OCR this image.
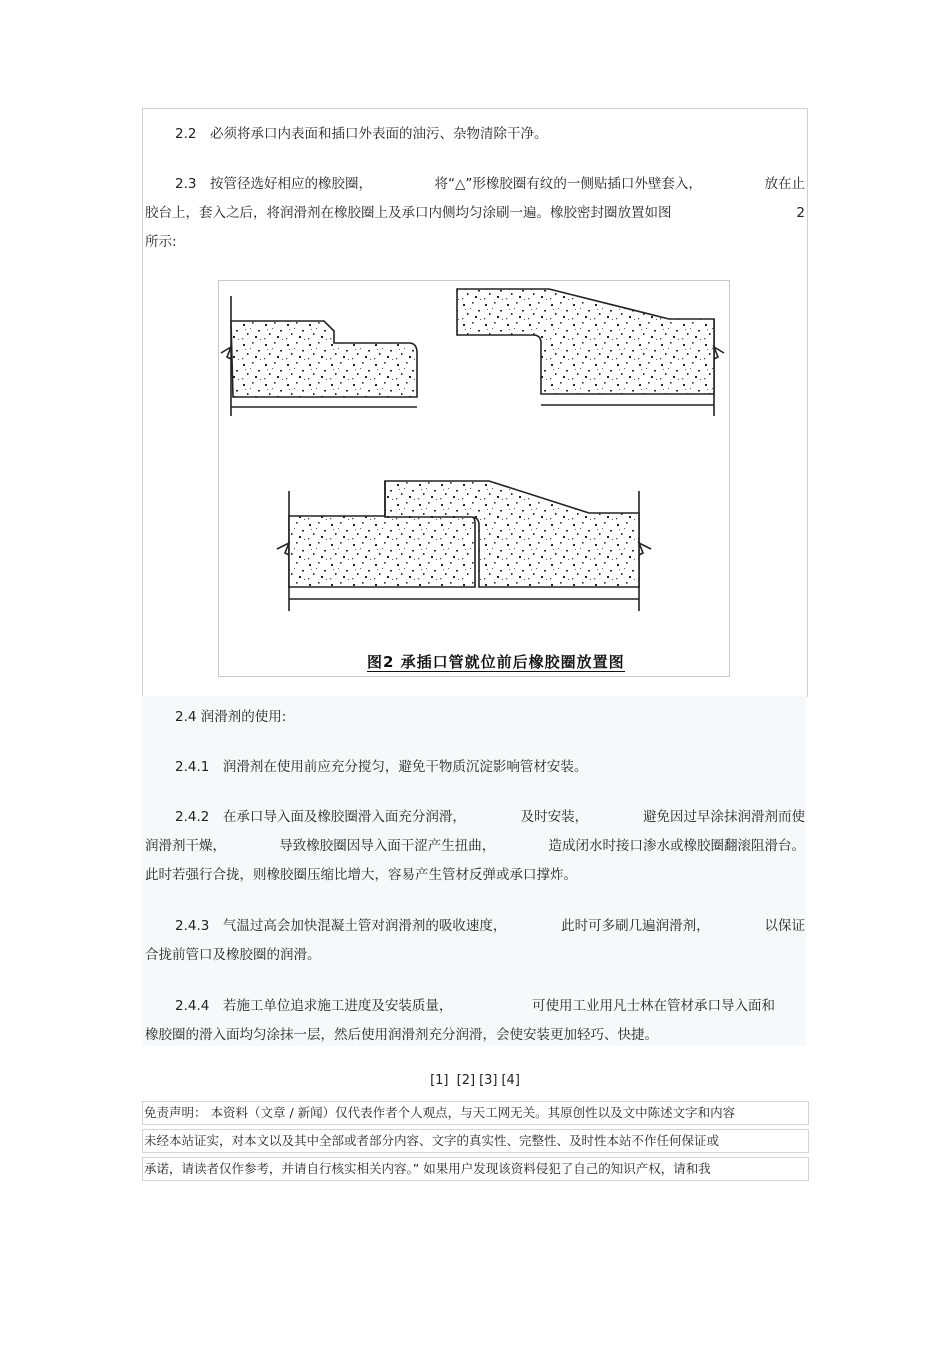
2.2　必须将承口内表面和插口外表面的油污、杂物清除干净。

2.3　按管径选好相应的橡胶圈，	将“△”形橡胶圈有纹的一侧贴插口外壁套入，	放在止
胶台上，套入之后，将润滑剂在橡胶圈上及承口内侧均匀涂刷一遍。橡胶密封圈放置如图	2
所示:
图2 承插口管就位前后橡胶圈放置图

2.4 润滑剂的使用:

2.4.1　润滑剂在使用前应充分搅匀，避免干物质沉淀影响管材安装。

2.4.2　在承口导入面及橡胶圈滑入面充分润滑，	及时安装，	避免因过早涂抹润滑剂而使
润滑剂干燥，	导致橡胶圈因导入面干涩产生扭曲，	造成闭水时接口渗水或橡胶圈翻滚阻滑台。
此时若强行合拢，则橡胶圈压缩比增大，容易产生管材反弹或承口撑炸。
2.4.3　气温过高会加快混凝土管对润滑剂的吸收速度，	此时可多刷几遍润滑剂，	以保证
合拢前管口及橡胶圈的润滑。
2.4.4　若施工单位追求施工进度及安装质量，	可使用工业用凡士林在管材承口导入面和
橡胶圈的滑入面均匀涂抹一层，然后使用润滑剂充分润滑，会使安装更加轻巧、快捷。
[1] [2] [3] [4]
免责声明： 本资料（文章 / 新闻）仅代表作者个人观点，与天工网无关。其原创性以及文中陈述文字和内容
未经本站证实，对本文以及其中全部或者部分内容、文字的真实性、完整性、及时性本站不作任何保证或
承诺，请读者仅作参考，并请自行核实相关内容。” 如果用户发现该资料侵犯了自己的知识产权，请和我
